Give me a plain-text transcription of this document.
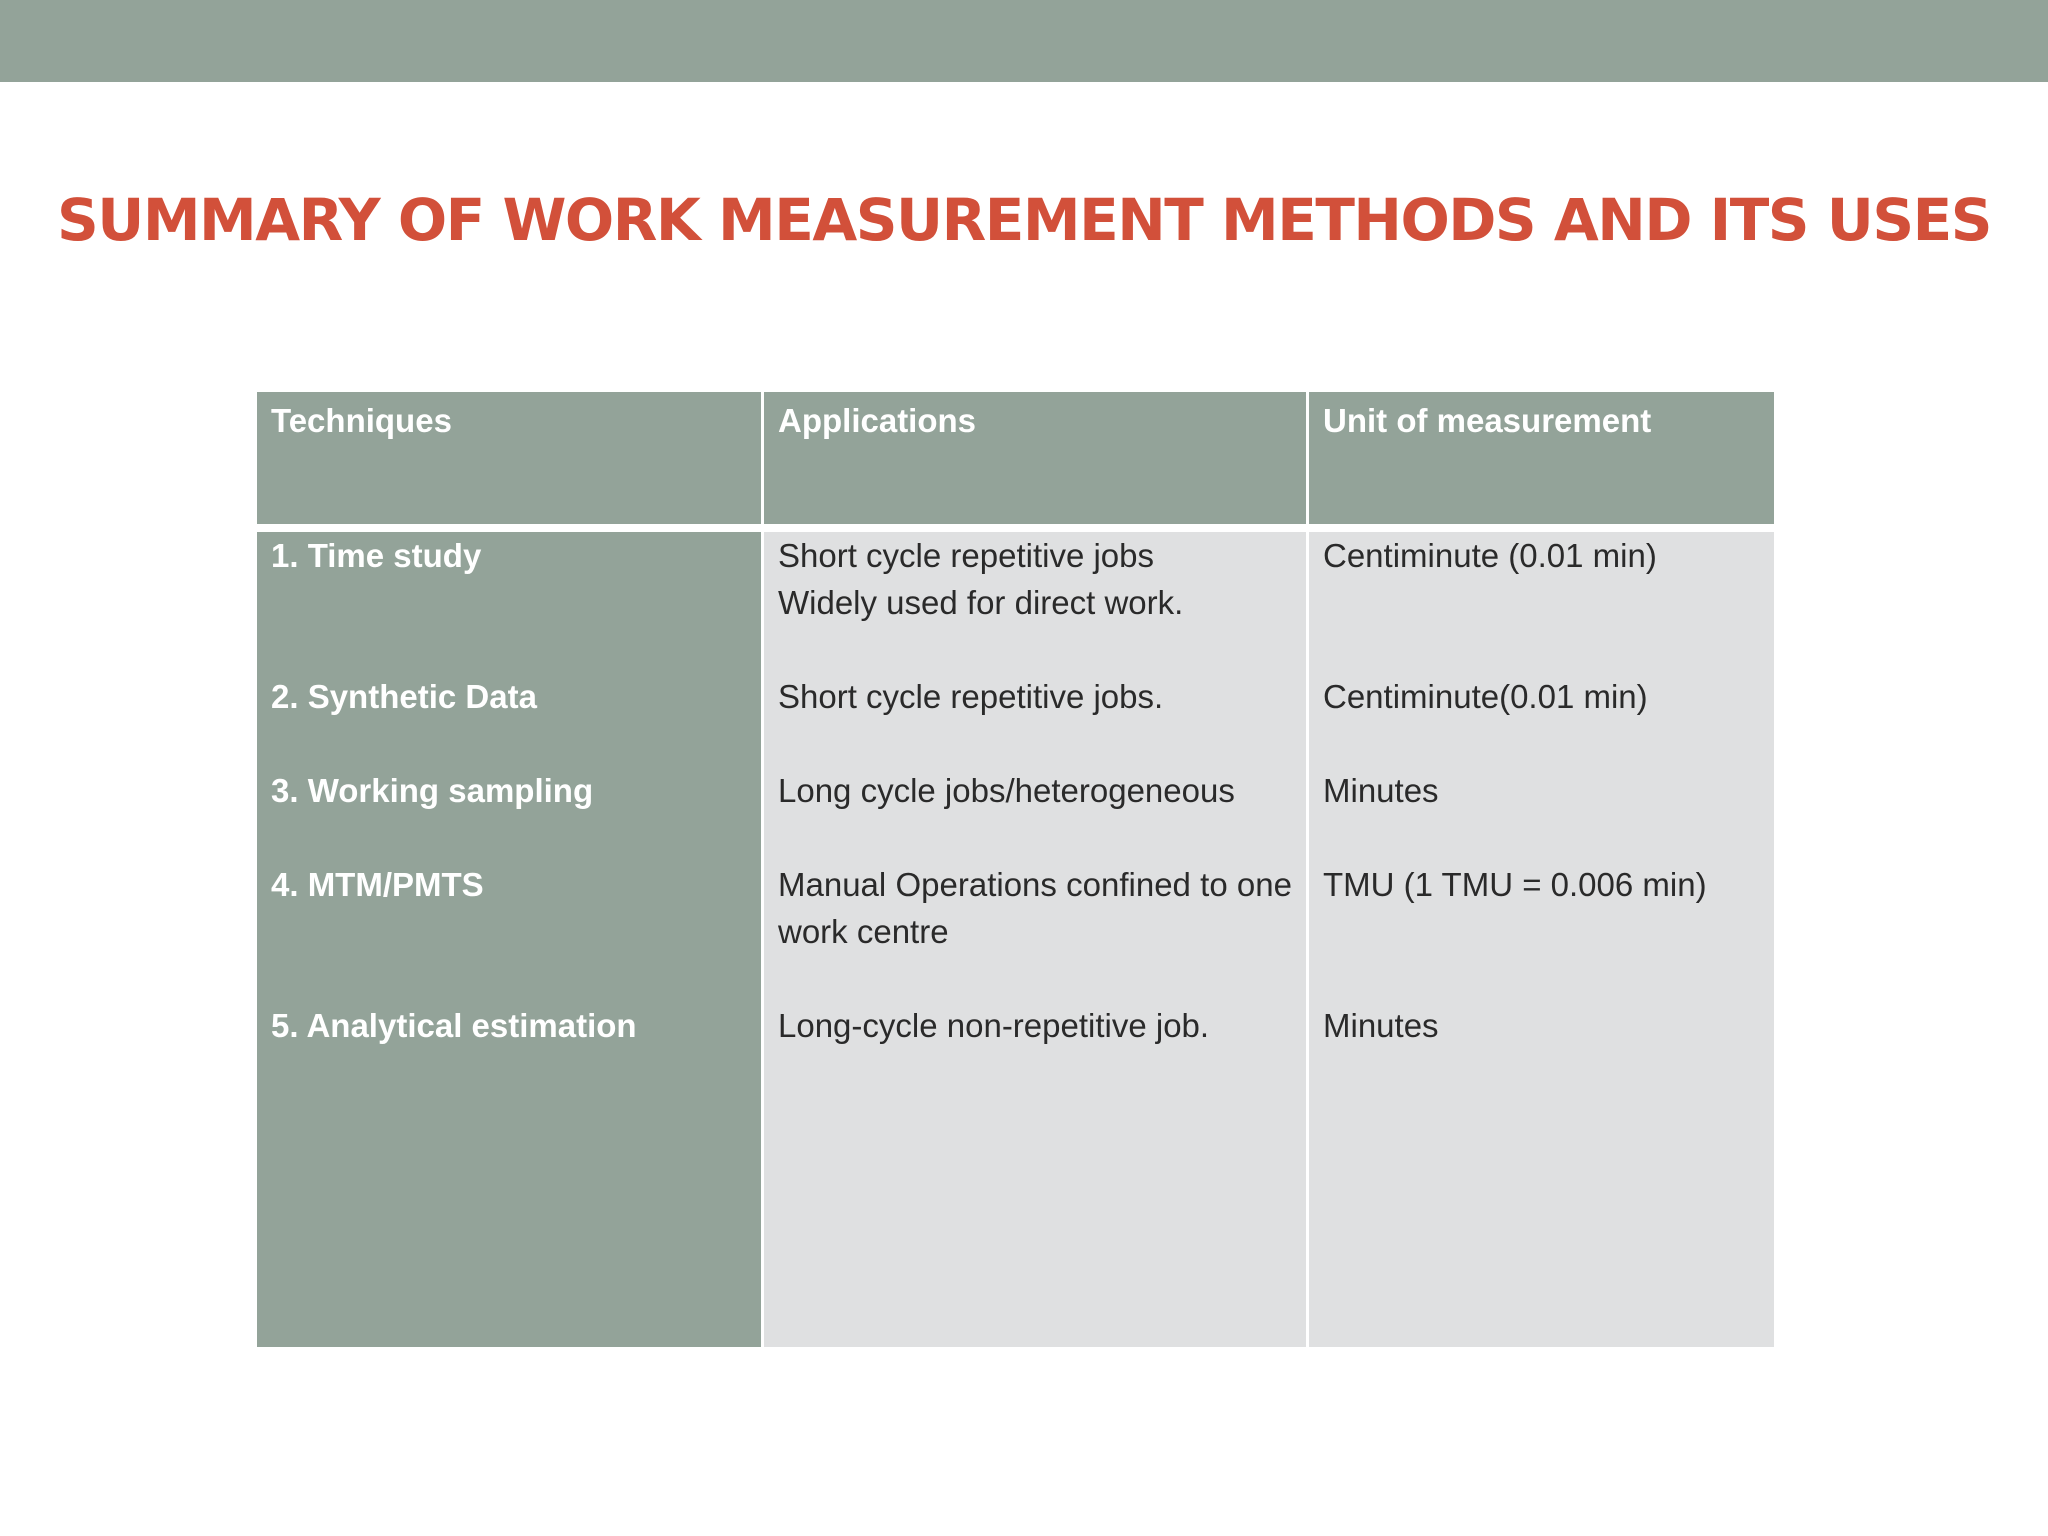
SUMMARY OF WORK MEASUREMENT METHODS AND ITS USES
Techniques	Applications	Unit of measurement
1. Time study
2. Synthetic Data
3. Working sampling
4. MTM/PMTS
5. Analytical estimation
Short cycle repetitive jobs
Widely used for direct work.
Short cycle repetitive jobs.
Long cycle jobs/heterogeneous
Manual Operations confined to one work centre
Long-cycle non-repetitive job.
Centiminute (0.01 min)
Centiminute(0.01 min)
Minutes
TMU (1 TMU = 0.006 min)
Minutes
